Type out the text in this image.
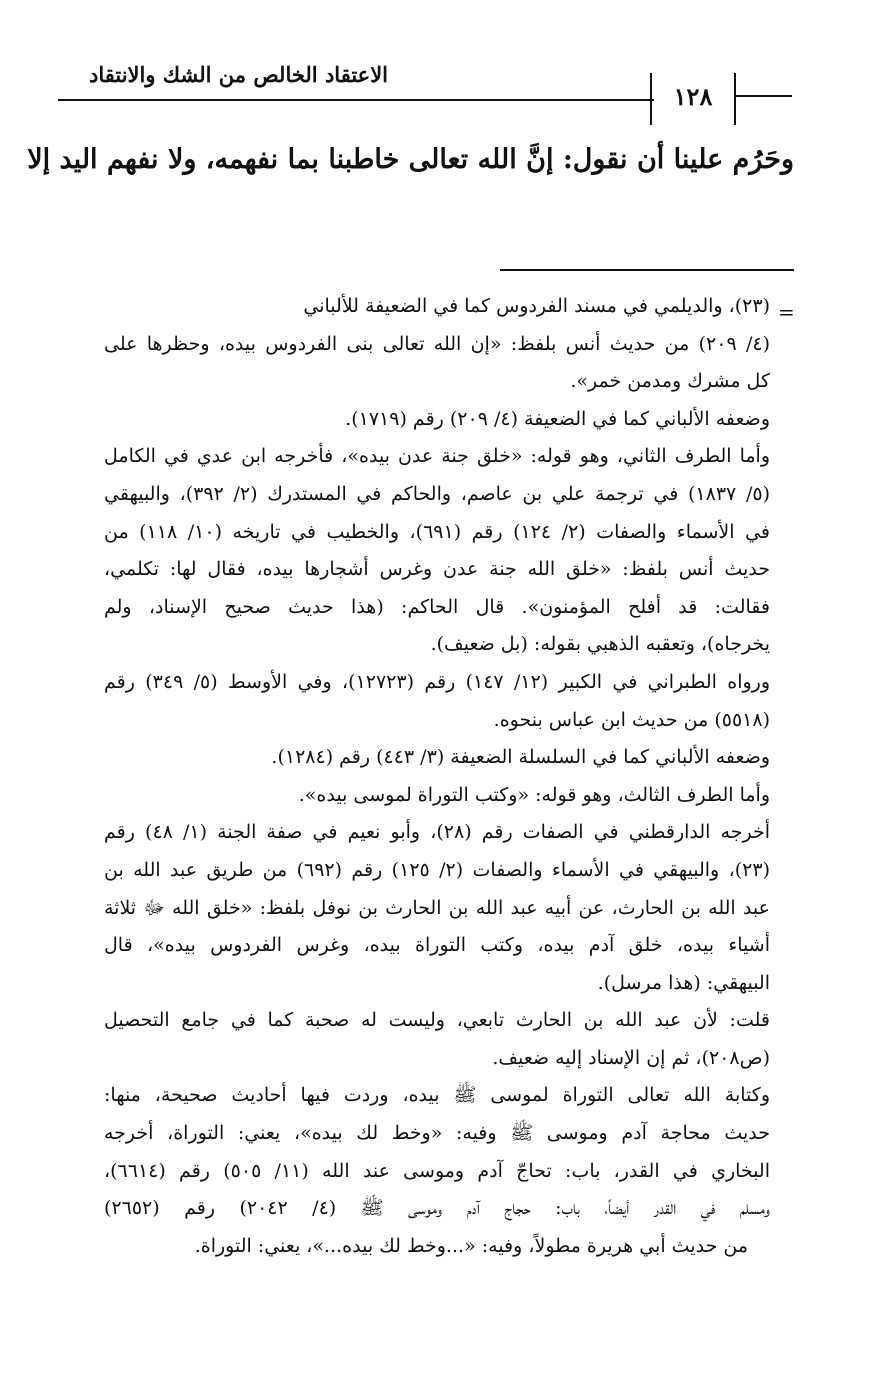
الاعتقاد الخالص من الشك والانتقاد
١٢٨
وحَرُم علينا أن نقول: إنَّ الله تعالى خاطبنا بما نفهمه، ولا نفهم اليد إلا
=
(٢٣)، والديلمي في مسند الفردوس كما في الضعيفة للألباني
(٤/ ٢٠٩) من حديث أنس بلفظ: «إن الله تعالى بنى الفردوس بيده، وحظرها على
كل مشرك ومدمن خمر».
وضعفه الألباني كما في الضعيفة (٤/ ٢٠٩) رقم (١٧١٩).
وأما الطرف الثاني، وهو قوله: «خلق جنة عدن بيده»، فأخرجه ابن عدي في الكامل
(٥/ ١٨٣٧) في ترجمة علي بن عاصم، والحاكم في المستدرك (٢/ ٣٩٢)، والبيهقي
في الأسماء والصفات (٢/ ١٢٤) رقم (٦٩١)، والخطيب في تاريخه (١٠/ ١١٨) من
حديث أنس بلفظ: «خلق الله جنة عدن وغرس أشجارها بيده، فقال لها: تكلمي،
فقالت: قد أفلح المؤمنون». قال الحاكم: (هذا حديث صحيح الإسناد، ولم
يخرجاه)، وتعقبه الذهبي بقوله: (بل ضعيف).
ورواه الطبراني في الكبير (١٢/ ١٤٧) رقم (١٢٧٢٣)، وفي الأوسط (٥/ ٣٤٩) رقم
(٥٥١٨) من حديث ابن عباس بنحوه.
وضعفه الألباني كما في السلسلة الضعيفة (٣/ ٤٤٣) رقم (١٢٨٤).
وأما الطرف الثالث، وهو قوله: «وكتب التوراة لموسى بيده».
أخرجه الدارقطني في الصفات رقم (٢٨)، وأبو نعيم في صفة الجنة (١/ ٤٨) رقم
(٢٣)، والبيهقي في الأسماء والصفات (٢/ ١٢٥) رقم (٦٩٢) من طريق عبد الله بن
عبد الله بن الحارث، عن أبيه عبد الله بن الحارث بن نوفل بلفظ: «خلق الله ﷻ ثلاثة
أشياء بيده، خلق آدم بيده، وكتب التوراة بيده، وغرس الفردوس بيده»، قال
البيهقي: (هذا مرسل).
قلت: لأن عبد الله بن الحارث تابعي، وليست له صحبة كما في جامع التحصيل
(ص٢٠٨)، ثم إن الإسناد إليه ضعيف.
وكتابة الله تعالى التوراة لموسى ﷺ بيده، وردت فيها أحاديث صحيحة، منها:
حديث محاجة آدم وموسى ﷺ وفيه: «وخط لك بيده»، يعني: التوراة، أخرجه
البخاري في القدر، باب: تحاجّ آدم وموسى عند الله (١١/ ٥٠٥) رقم (٦٦١٤)،
ومسلم في القدر أيضاً، باب: حجاج آدم وموسى ﷺ (٤/ ٢٠٤٢) رقم (٢٦٥٢)
من حديث أبي هريرة مطولاً، وفيه: «...وخط لك بيده...»، يعني: التوراة.
